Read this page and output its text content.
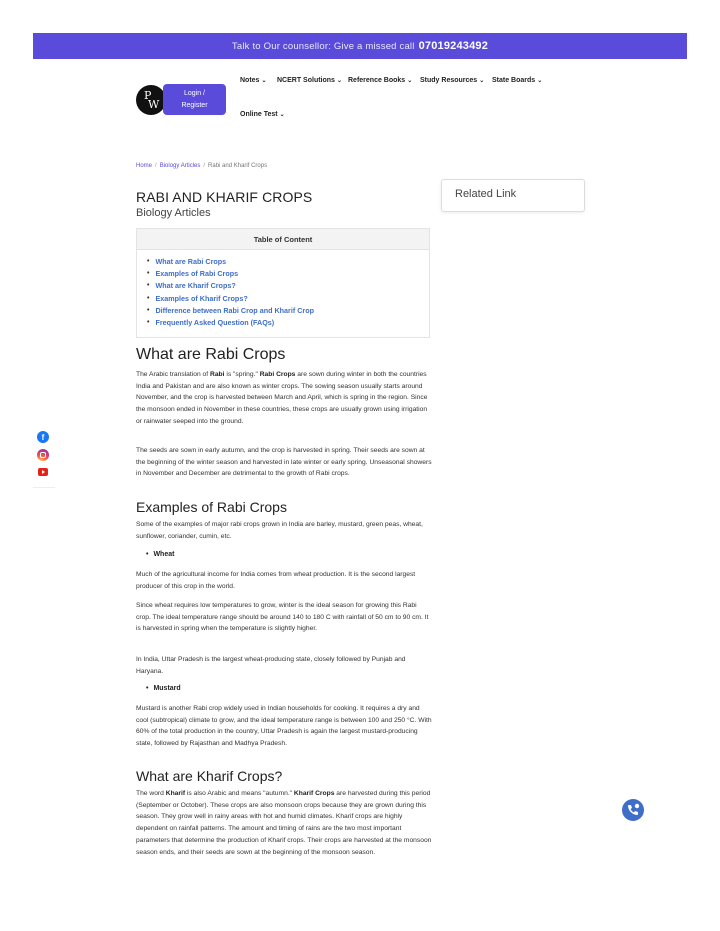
Talk to Our counsellor: Give a missed call 07019243492
P
W
Login /
Register
Notes ⌄ NCERT Solutions ⌄ Reference Books ⌄ Study Resources ⌄ State Boards ⌄
Online Test ⌄
Home / Biology Articles / Rabi and Kharif Crops
RABI AND KHARIF CROPS
Biology Articles
Related Link
Table of Content
• What are Rabi Crops
• Examples of Rabi Crops
• What are Kharif Crops?
• Examples of Kharif Crops?
• Difference between Rabi Crop and Kharif Crop
• Frequently Asked Question (FAQs)
What are Rabi Crops
The Arabic translation of Rabi is "spring." Rabi Crops are sown during winter in both the countries India and Pakistan and are also known as winter crops. The sowing season usually starts around November, and the crop is harvested between March and April, which is spring in the region. Since the monsoon ended in November in these countries, these crops are usually grown using irrigation or rainwater seeped into the ground.
The seeds are sown in early autumn, and the crop is harvested in spring. Their seeds are sown at the beginning of the winter season and harvested in late winter or early spring. Unseasonal showers in November and December are detrimental to the growth of Rabi crops.
Examples of Rabi Crops
Some of the examples of major rabi crops grown in India are barley, mustard, green peas, wheat, sunflower, coriander, cumin, etc.
• Wheat
Much of the agricultural income for India comes from wheat production. It is the second largest producer of this crop in the world.
Since wheat requires low temperatures to grow, winter is the ideal season for growing this Rabi crop. The ideal temperature range should be around 140 to 180 C with rainfall of 50 cm to 90 cm. It is harvested in spring when the temperature is slightly higher.
In India, Uttar Pradesh is the largest wheat-producing state, closely followed by Punjab and Haryana.
• Mustard
Mustard is another Rabi crop widely used in Indian households for cooking. It requires a dry and cool (subtropical) climate to grow, and the ideal temperature range is between 100 and 250 °C. With 60% of the total production in the country, Uttar Pradesh is again the largest mustard-producing state, followed by Rajasthan and Madhya Pradesh.
What are Kharif Crops?
The word Kharif is also Arabic and means "autumn." Kharif Crops are harvested during this period (September or October). These crops are also monsoon crops because they are grown during this season. They grow well in rainy areas with hot and humid climates. Kharif crops are highly dependent on rainfall patterns. The amount and timing of rains are the two most important parameters that determine the production of Kharif crops. Their crops are harvested at the monsoon season ends, and their seeds are sown at the beginning of the monsoon season.
f
